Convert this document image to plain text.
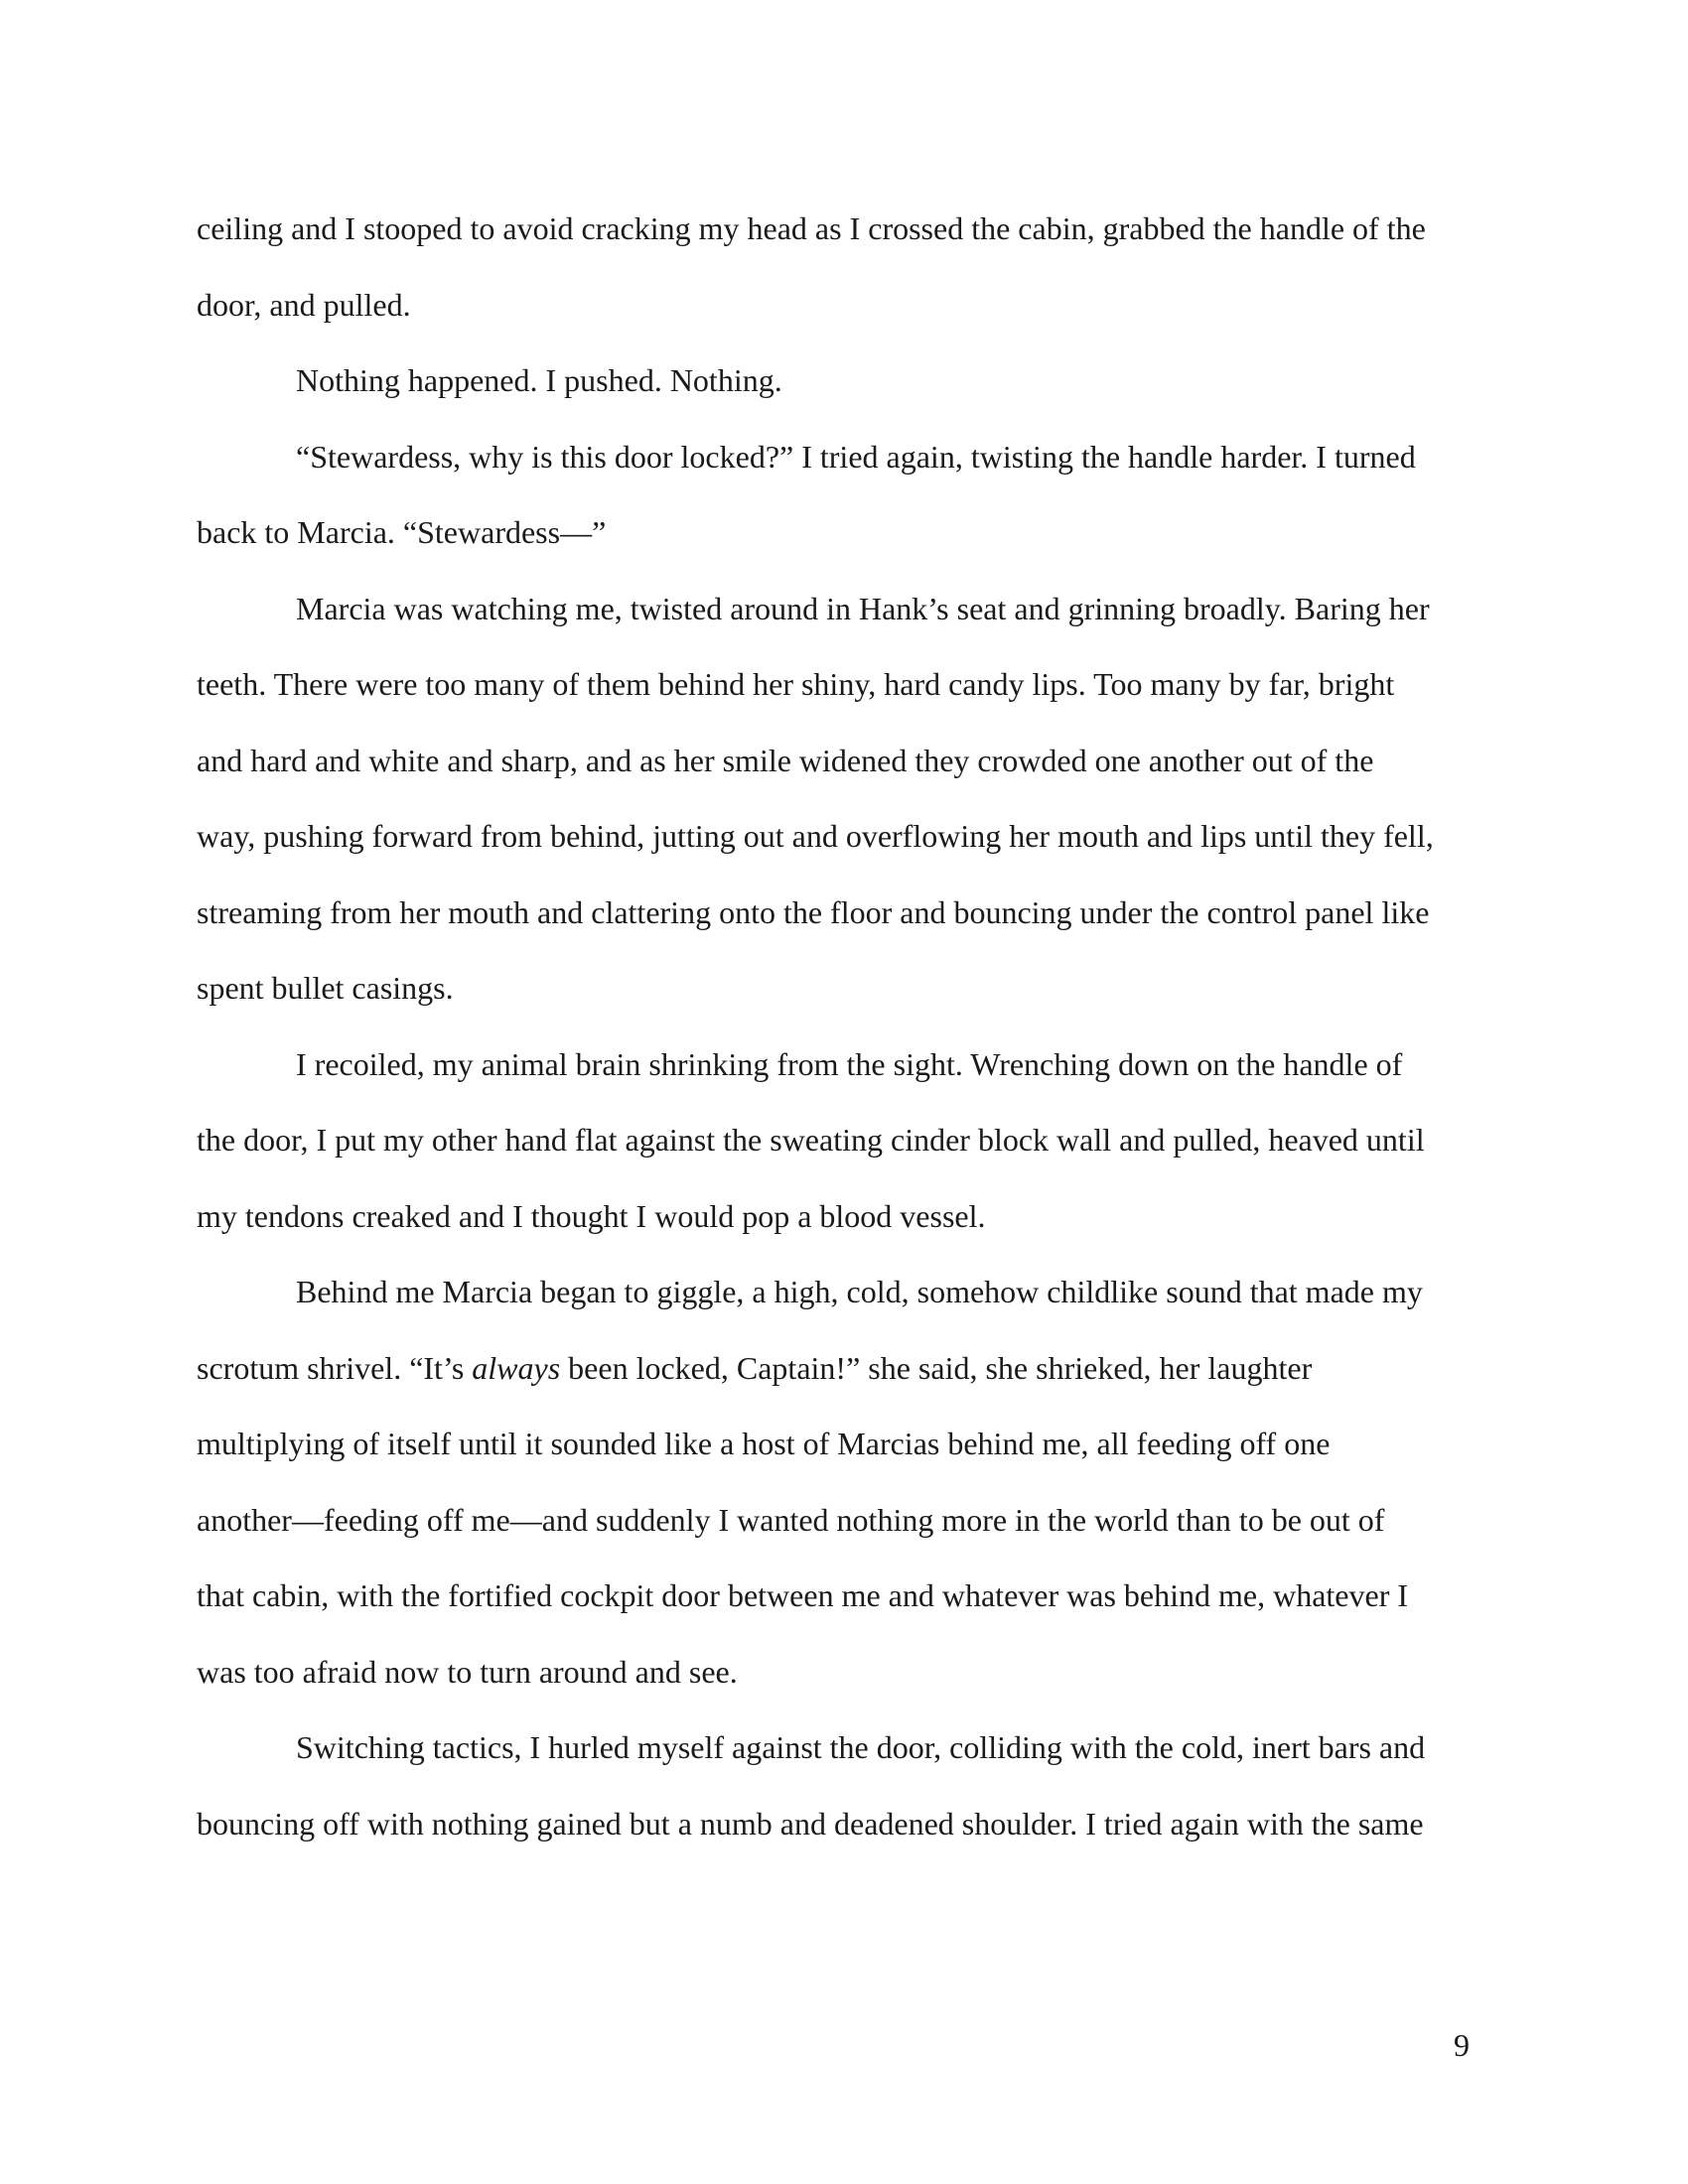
ceiling and I stooped to avoid cracking my head as I crossed the cabin, grabbed the handle of the
door, and pulled.

Nothing happened. I pushed. Nothing.

“Stewardess, why is this door locked?” I tried again, twisting the handle harder. I turned
back to Marcia. “Stewardess—”

Marcia was watching me, twisted around in Hank’s seat and grinning broadly. Baring her
teeth. There were too many of them behind her shiny, hard candy lips. Too many by far, bright
and hard and white and sharp, and as her smile widened they crowded one another out of the
way, pushing forward from behind, jutting out and overflowing her mouth and lips until they fell,
streaming from her mouth and clattering onto the floor and bouncing under the control panel like
spent bullet casings.

I recoiled, my animal brain shrinking from the sight. Wrenching down on the handle of
the door, I put my other hand flat against the sweating cinder block wall and pulled, heaved until
my tendons creaked and I thought I would pop a blood vessel.

Behind me Marcia began to giggle, a high, cold, somehow childlike sound that made my
scrotum shrivel. “It’s always been locked, Captain!” she said, she shrieked, her laughter
multiplying of itself until it sounded like a host of Marcias behind me, all feeding off one
another—feeding off me—and suddenly I wanted nothing more in the world than to be out of
that cabin, with the fortified cockpit door between me and whatever was behind me, whatever I
was too afraid now to turn around and see.

Switching tactics, I hurled myself against the door, colliding with the cold, inert bars and
bouncing off with nothing gained but a numb and deadened shoulder. I tried again with the same

9
